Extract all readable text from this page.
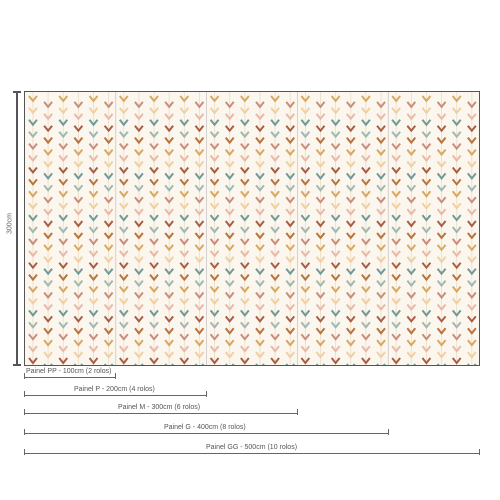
300cm
Painel PP - 100cm (2 rolos)
Painel P - 200cm (4 rolos)
Painel M - 300cm (6 rolos)
Painel G - 400cm (8 rolos)
Painel GG - 500cm (10 rolos)
